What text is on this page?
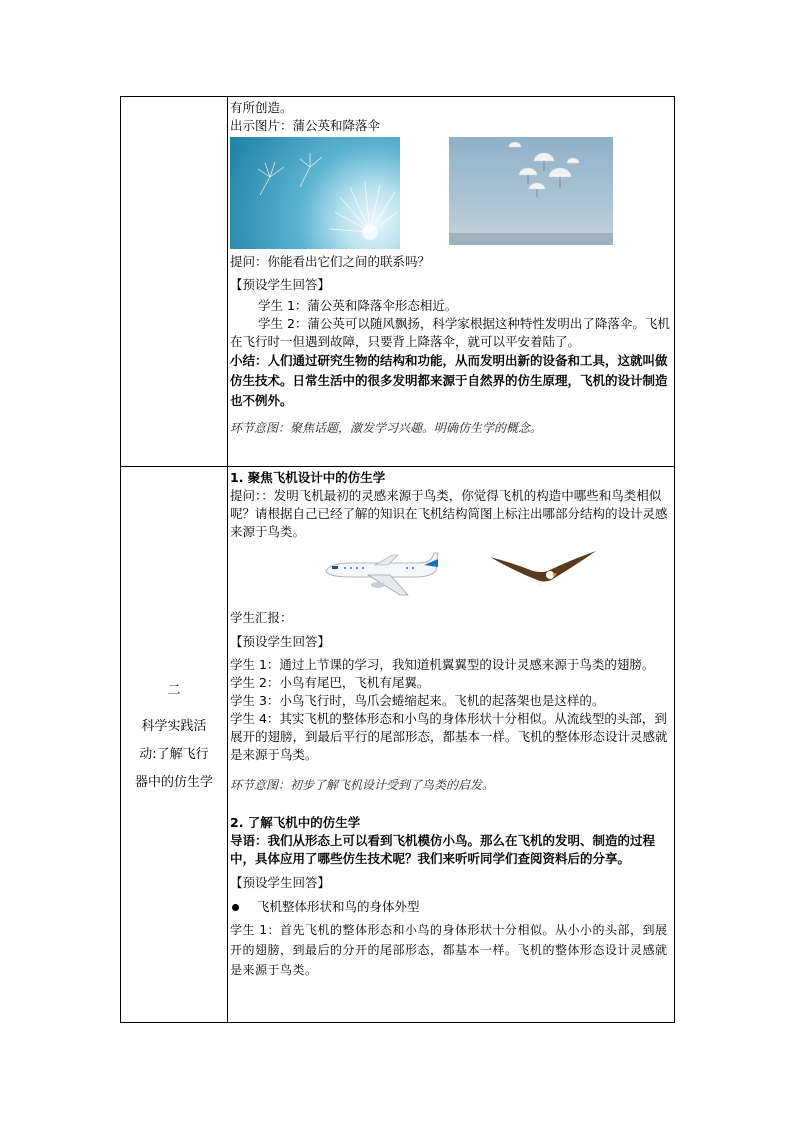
有所创造。

出示图片：蒲公英和降落伞

提问：你能看出它们之间的联系吗？

【预设学生回答】

学生 1：蒲公英和降落伞形态相近。

学生 2：蒲公英可以随风飘扬，科学家根据这种特性发明出了降落伞。飞机在飞行时一但遇到故障，只要背上降落伞，就可以平安着陆了。

小结：人们通过研究生物的结构和功能，从而发明出新的设备和工具，这就叫做仿生技术。日常生活中的很多发明都来源于自然界的仿生原理，飞机的设计制造也不例外。

环节意图：聚焦话题，激发学习兴趣。明确仿生学的概念。

二
科学实践活
动:了解飞行
器中的仿生学

1. 聚焦飞机设计中的仿生学

提问：：发明飞机最初的灵感来源于鸟类，你觉得飞机的构造中哪些和鸟类相似呢？请根据自己已经了解的知识在飞机结构简图上标注出哪部分结构的设计灵感来源于鸟类。

学生汇报：

【预设学生回答】

学生 1：通过上节课的学习，我知道机翼翼型的设计灵感来源于鸟类的翅膀。

学生 2：小鸟有尾巴，飞机有尾翼。

学生 3：小鸟飞行时，鸟爪会蜷缩起来。飞机的起落架也是这样的。

学生 4：其实飞机的整体形态和小鸟的身体形状十分相似。从流线型的头部，到展开的翅膀，到最后平行的尾部形态，都基本一样。飞机的整体形态设计灵感就是来源于鸟类。

环节意图：初步了解飞机设计受到了鸟类的启发。

2. 了解飞机中的仿生学

导语：我们从形态上可以看到飞机模仿小鸟。那么在飞机的发明、制造的过程中，具体应用了哪些仿生技术呢？我们来听听同学们查阅资料后的分享。

【预设学生回答】

飞机整体形状和鸟的身体外型

学生 1：首先飞机的整体形态和小鸟的身体形状十分相似。从小小的头部，到展开的翅膀，到最后的分开的尾部形态，都基本一样。飞机的整体形态设计灵感就是来源于鸟类。
